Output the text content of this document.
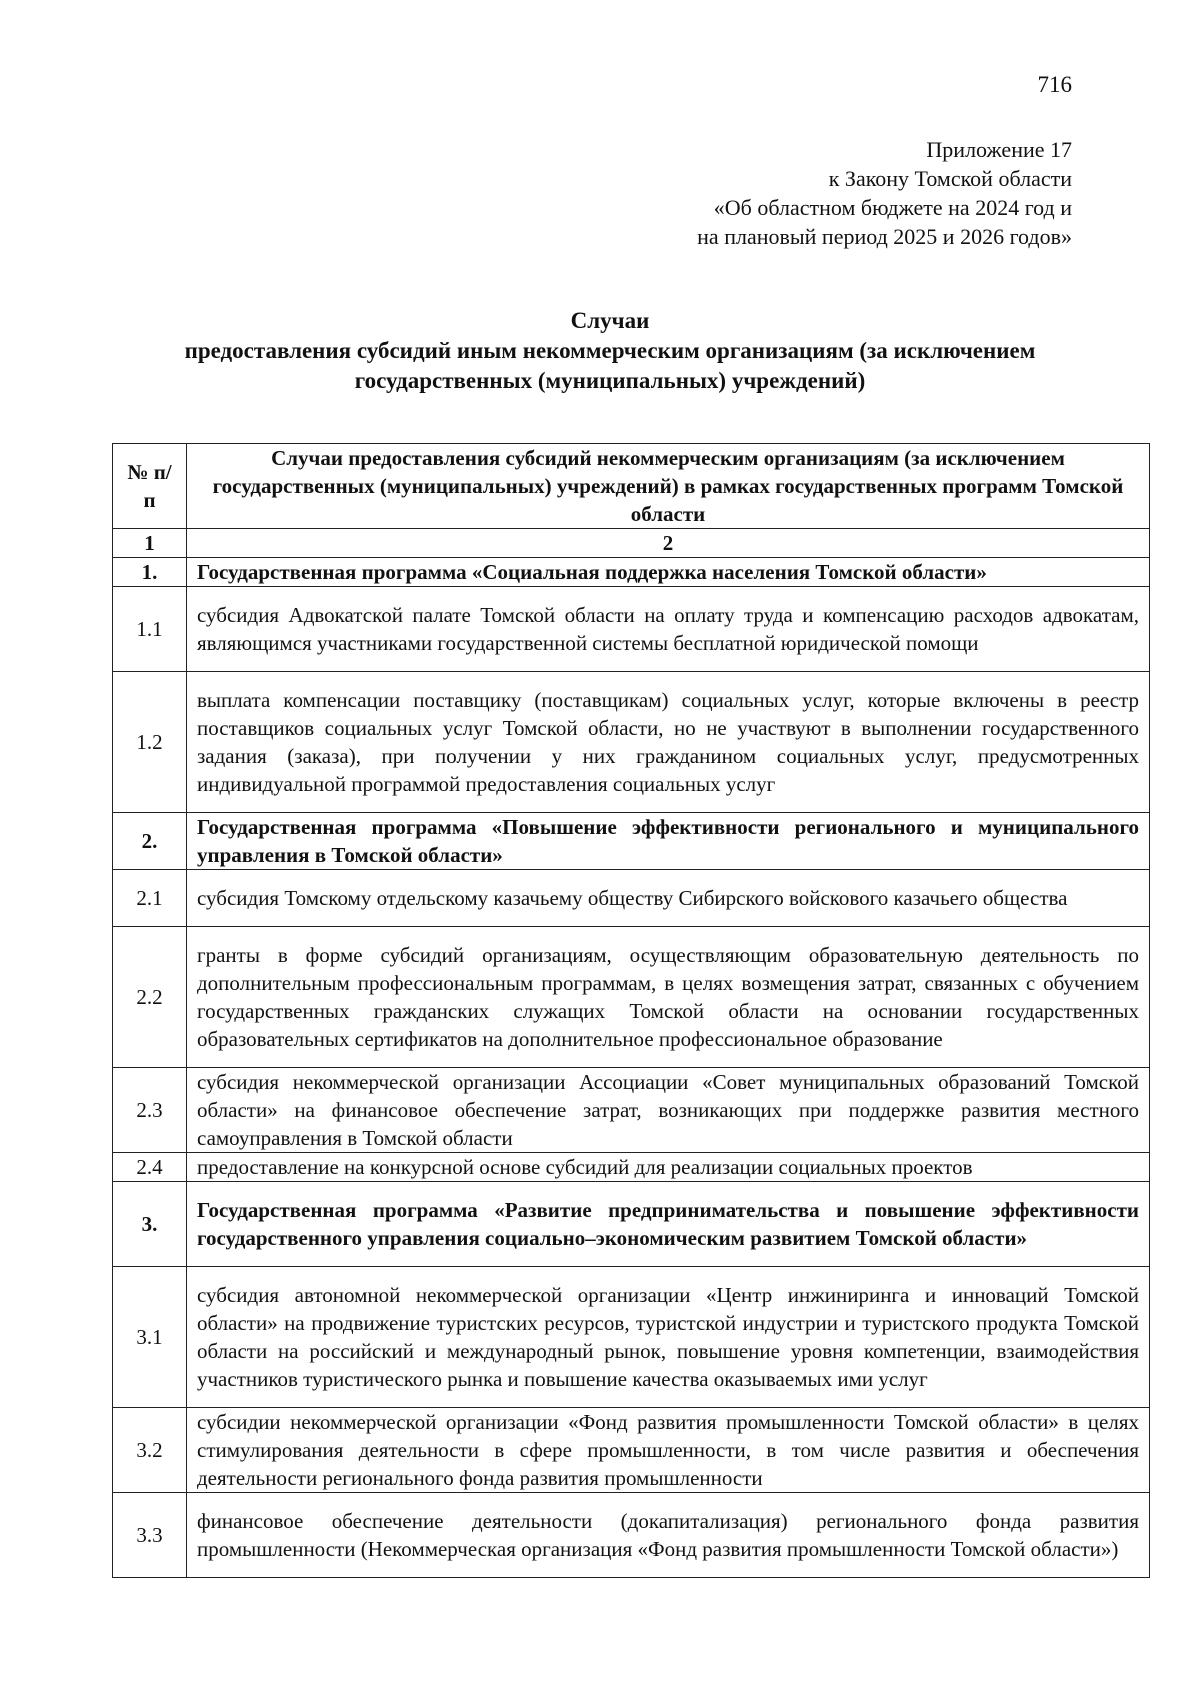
716
Приложение 17
к Закону Томской области
«Об областном бюджете на 2024 год и
на плановый период 2025 и 2026 годов»
Случаи
предоставления субсидий иным некоммерческим организациям (за исключением
государственных (муниципальных) учреждений)
№ п/п	Случаи предоставления субсидий некоммерческим организациям (за исключением государственных (муниципальных) учреждений) в рамках государственных программ Томской области
1	2
1.	Государственная программа «Социальная поддержка населения Томской области»
1.1	субсидия Адвокатской палате Томской области на оплату труда и компенсацию расходов адвокатам, являющимся участниками государственной системы бесплатной юридической помощи
1.2	выплата компенсации поставщику (поставщикам) социальных услуг, которые включены в реестр поставщиков социальных услуг Томской области, но не участвуют в выполнении государственного задания (заказа), при получении у них гражданином социальных услуг, предусмотренных индивидуальной программой предоставления социальных услуг
2.	Государственная программа «Повышение эффективности регионального и муниципального управления в Томской области»
2.1	субсидия Томскому отдельскому казачьему обществу Сибирского войскового казачьего общества
2.2	гранты в форме субсидий организациям, осуществляющим образовательную деятельность по дополнительным профессиональным программам, в целях возмещения затрат, связанных с обучением государственных гражданских служащих Томской области на основании государственных образовательных сертификатов на дополнительное профессиональное образование
2.3	субсидия некоммерческой организации Ассоциации «Совет муниципальных образований Томской области» на финансовое обеспечение затрат, возникающих при поддержке развития местного самоуправления в Томской области
2.4	предоставление на конкурсной основе субсидий для реализации социальных проектов
3.	Государственная программа «Развитие предпринимательства и повышение эффективности государственного управления социально–экономическим развитием Томской области»
3.1	субсидия автономной некоммерческой организации «Центр инжиниринга и инноваций Томской области» на продвижение туристских ресурсов, туристской индустрии и туристского продукта Томской области на российский и международный рынок, повышение уровня компетенции, взаимодействия участников туристического рынка и повышение качества оказываемых ими услуг
3.2	субсидии некоммерческой организации «Фонд развития промышленности Томской области» в целях стимулирования деятельности в сфере промышленности, в том числе развития и обеспечения деятельности регионального фонда развития промышленности
3.3	финансовое обеспечение деятельности (докапитализация) регионального фонда развития промышленности (Некоммерческая организация «Фонд развития промышленности Томской области»)
